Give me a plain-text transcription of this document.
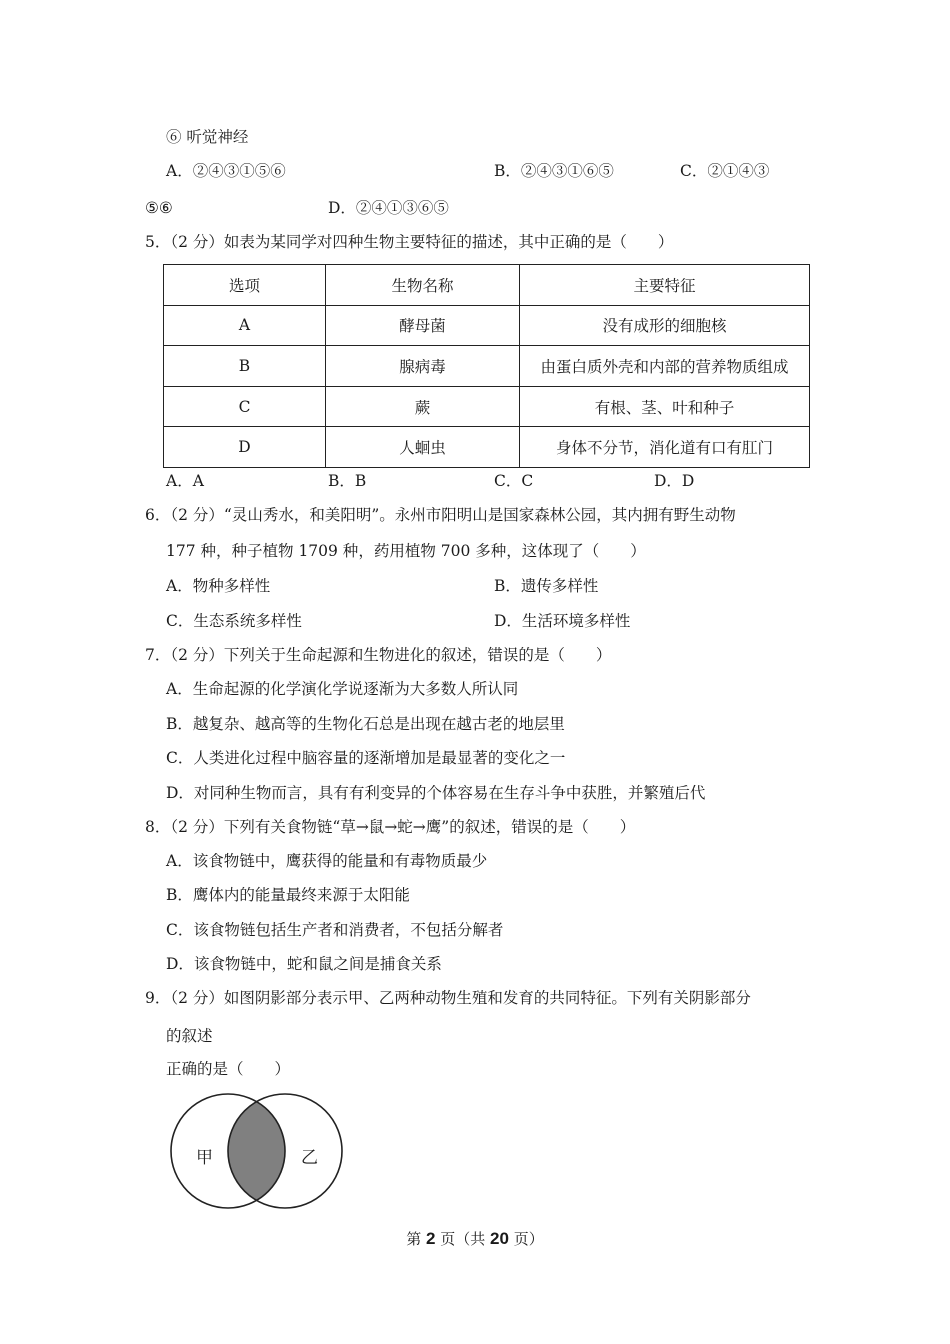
⑥ 听觉神经
A．②④③①⑤⑥	B．②④③①⑥⑤	C．②①④③
⑤⑥	D．②④①③⑥⑤
5．（2 分）如表为某同学对四种生物主要特征的描述，其中正确的是（　　）
选项	生物名称	主要特征
A	酵母菌	没有成形的细胞核
B	腺病毒	由蛋白质外壳和内部的营养物质组成
C	蕨	有根、茎、叶和种子
D	人蛔虫	身体不分节，消化道有口有肛门
A．A	B．B	C．C	D．D
6．（2 分）“灵山秀水，和美阳明”。永州市阳明山是国家森林公园，其内拥有野生动物
177 种，种子植物 1709 种，药用植物 700 多种，这体现了（　　）
A．物种多样性	B．遗传多样性
C．生态系统多样性	D．生活环境多样性
7．（2 分）下列关于生命起源和生物进化的叙述，错误的是（　　）
A．生命起源的化学演化学说逐渐为大多数人所认同
B．越复杂、越高等的生物化石总是出现在越古老的地层里
C．人类进化过程中脑容量的逐渐增加是最显著的变化之一
D．对同种生物而言，具有有利变异的个体容易在生存斗争中获胜，并繁殖后代
8．（2 分）下列有关食物链“草→鼠→蛇→鹰”的叙述，错误的是（　　）
A．该食物链中，鹰获得的能量和有毒物质最少
B．鹰体内的能量最终来源于太阳能
C．该食物链包括生产者和消费者，不包括分解者
D．该食物链中，蛇和鼠之间是捕食关系
9．（2 分）如图阴影部分表示甲、乙两种动物生殖和发育的共同特征。下列有关阴影部分
的叙述
正确的是（　　）
甲	乙
第 2 页（共 20 页）
